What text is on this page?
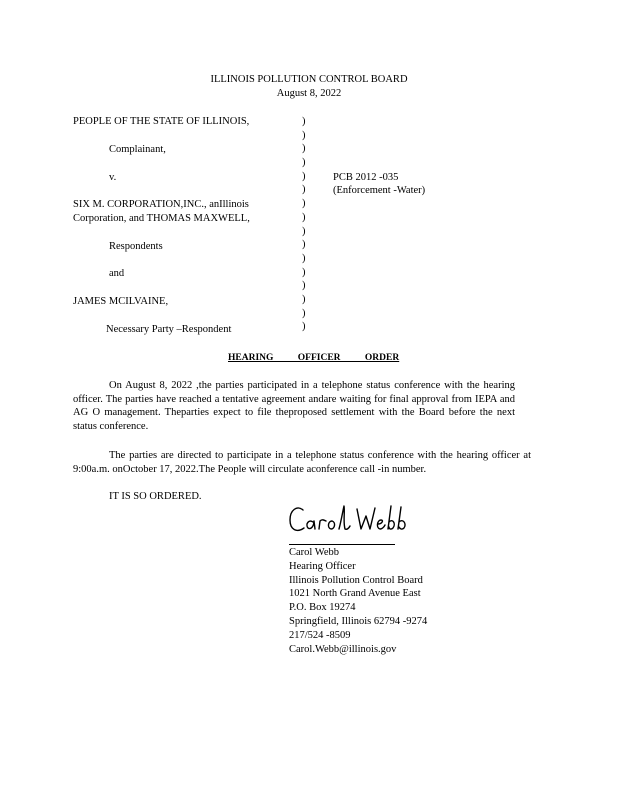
ILLINOIS POLLUTION CONTROL BOARD
August 8, 2022
PEOPLE OF THE STATE OF ILLINOIS,
Complainant,
v.
SIX M. CORPORATION,INC., anIllinois
Corporation, and THOMAS MAXWELL,
Respondents
and
JAMES MCILVAINE,
Necessary Party –Respondent
)
)
)
)
)
)
)
)
)
)
)
)
)
)
)
)
PCB 2012 -035
(Enforcement -Water)
HEARING OFFICER ORDER
On August 8, 2022 ,the parties participated in a telephone status conference with the hearing officer. The parties have reached a tentative agreement andare waiting for final approval from IEPA and AG O management. Theparties expect to file theproposed settlement with the Board before the next status conference.
The parties are directed to participate in a telephone status conference with the hearing officer at 9:00a.m. onOctober 17, 2022.The People will circulate aconference call -in number.
IT IS SO ORDERED.
Carol Webb
Carol Webb
Hearing Officer
Illinois Pollution Control Board
1021 North Grand Avenue East
P.O. Box 19274
Springfield, Illinois 62794 -9274
217/524 -8509
Carol.Webb@illinois.gov
